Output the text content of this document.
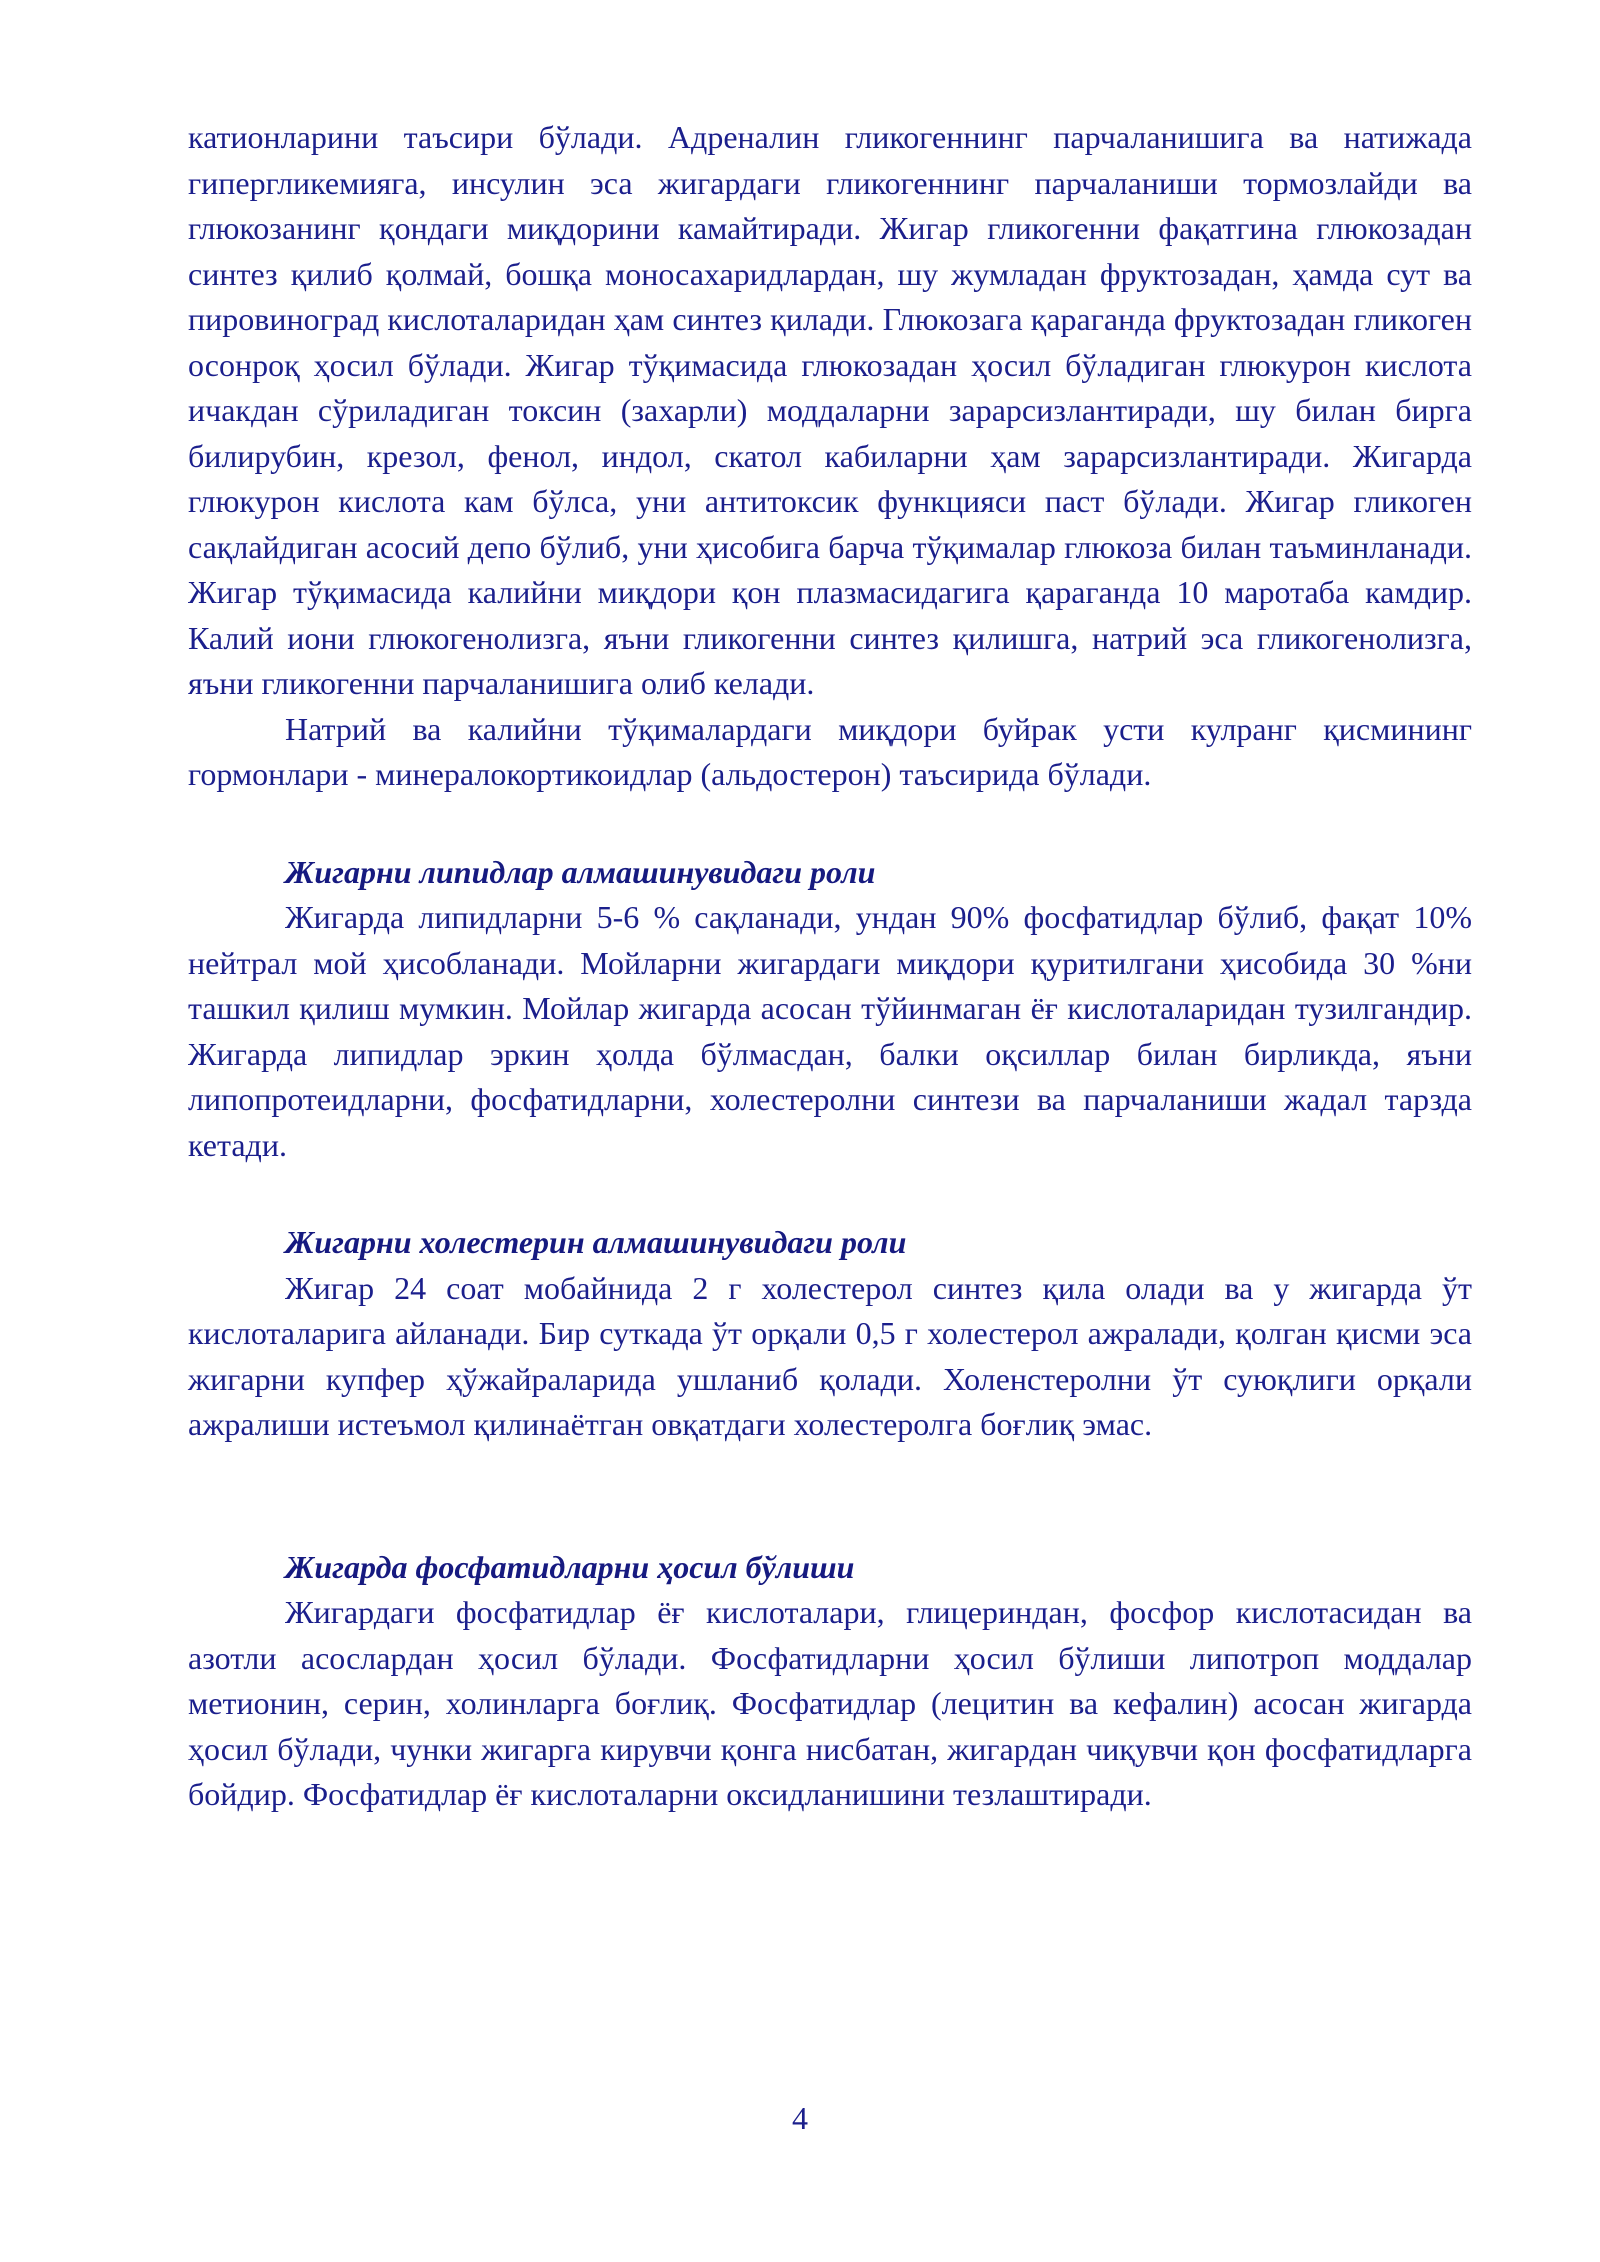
катионларини таъсири бўлади. Адреналин гликогеннинг парчаланишига ва натижада гипергликемияга, инсулин эса жигардаги гликогеннинг парчаланиши тормозлайди ва глюкозанинг қондаги миқдорини камайтиради. Жигар гликогенни фақатгина глюкозадан синтез қилиб қолмай, бошқа моносахаридлардан, шу жумладан фруктозадан, ҳамда сут ва пировиноград кислоталаридан ҳам синтез қилади. Глюкозага қараганда фруктозадан гликоген осонроқ ҳосил бўлади. Жигар тўқимасида глюкозадан ҳосил бўладиган глюкурон кислота ичакдан сўриладиган токсин (захарли) моддаларни зарарсизлантиради, шу билан бирга билирубин, крезол, фенол, индол, скатол кабиларни ҳам зарарсизлантиради. Жигарда глюкурон кислота кам бўлса, уни антитоксик функцияси паст бўлади. Жигар гликоген сақлайдиган асосий депо бўлиб, уни ҳисобига барча тўқималар глюкоза билан таъминланади. Жигар тўқимасида калийни миқдори қон плазмасидагига қараганда 10 маротаба камдир. Калий иони глюкогенолизга, яъни гликогенни синтез қилишга, натрий эса гликогенолизга, яъни гликогенни парчаланишига олиб келади.

Натрий ва калийни тўқималардаги миқдори буйрак усти кулранг қисмининг гормонлари - минералокортикоидлар (альдостерон) таъсирида бўлади.

Жигарни липидлар алмашинувидаги роли

Жигарда липидларни 5-6 % сақланади, ундан 90% фосфатидлар бўлиб, фақат 10% нейтрал мой ҳисобланади. Мойларни жигардаги миқдори қуритилгани ҳисобида 30 %ни ташкил қилиш мумкин. Мойлар жигарда асосан тўйинмаган ёғ кислоталаридан тузилгандир. Жигарда липидлар эркин ҳолда бўлмасдан, балки оқсиллар билан бирликда, яъни липопротеидларни, фосфатидларни, холестеролни синтези ва парчаланиши жадал тарзда кетади.

Жигарни холестерин алмашинувидаги роли

Жигар 24 соат мобайнида 2 г холестерол синтез қила олади ва у жигарда ўт кислоталарига айланади. Бир суткада ўт орқали 0,5 г холестерол ажралади, қолган қисми эса жигарни купфер ҳўжайраларида ушланиб қолади. Холенстеролни ўт суюқлиги орқали ажралиши истеъмол қилинаётган овқатдаги холестеролга боғлиқ эмас.

Жигарда фосфатидларни ҳосил бўлиши

Жигардаги фосфатидлар ёғ кислоталари, глицериндан, фосфор кислотасидан ва азотли асослардан ҳосил бўлади. Фосфатидларни ҳосил бўлиши липотроп моддалар метионин, серин, холинларга боғлиқ. Фосфатидлар (лецитин ва кефалин) асосан жигарда ҳосил бўлади, чунки жигарга кирувчи қонга нисбатан, жигардан чиқувчи қон фосфатидларга бойдир. Фосфатидлар ёғ кислоталарни оксидланишини тезлаштиради.

4
